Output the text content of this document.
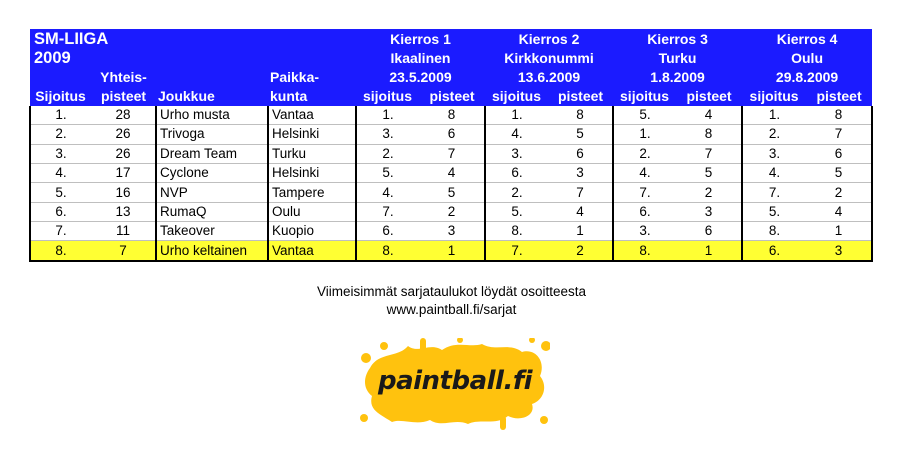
SM-LIIGA				Kierros 1		Kierros 2		Kierros 3		Kierros 4	
2009				Ikaalinen		Kirkkonummi		Turku		Oulu	
	Yhteis-		Paikka-	23.5.2009		13.6.2009		1.8.2009		29.8.2009	
Sijoitus	pisteet	Joukkue	kunta	sijoitus	pisteet	sijoitus	pisteet	sijoitus	pisteet	sijoitus	pisteet
1.	28	Urho musta	Vantaa	1.	8	1.	8	5.	4	1.	8
2.	26	Trivoga	Helsinki	3.	6	4.	5	1.	8	2.	7
3.	26	Dream Team	Turku	2.	7	3.	6	2.	7	3.	6
4.	17	Cyclone	Helsinki	5.	4	6.	3	4.	5	4.	5
5.	16	NVP	Tampere	4.	5	2.	7	7.	2	7.	2
6.	13	RumaQ	Oulu	7.	2	5.	4	6.	3	5.	4
7.	11	Takeover	Kuopio	6.	3	8.	1	3.	6	8.	1
8.	7	Urho keltainen	Vantaa	8.	1	7.	2	8.	1	6.	3
Viimeisimmät sarjataulukot löydät osoitteesta
www.paintball.fi/sarjat
paintball.fi
